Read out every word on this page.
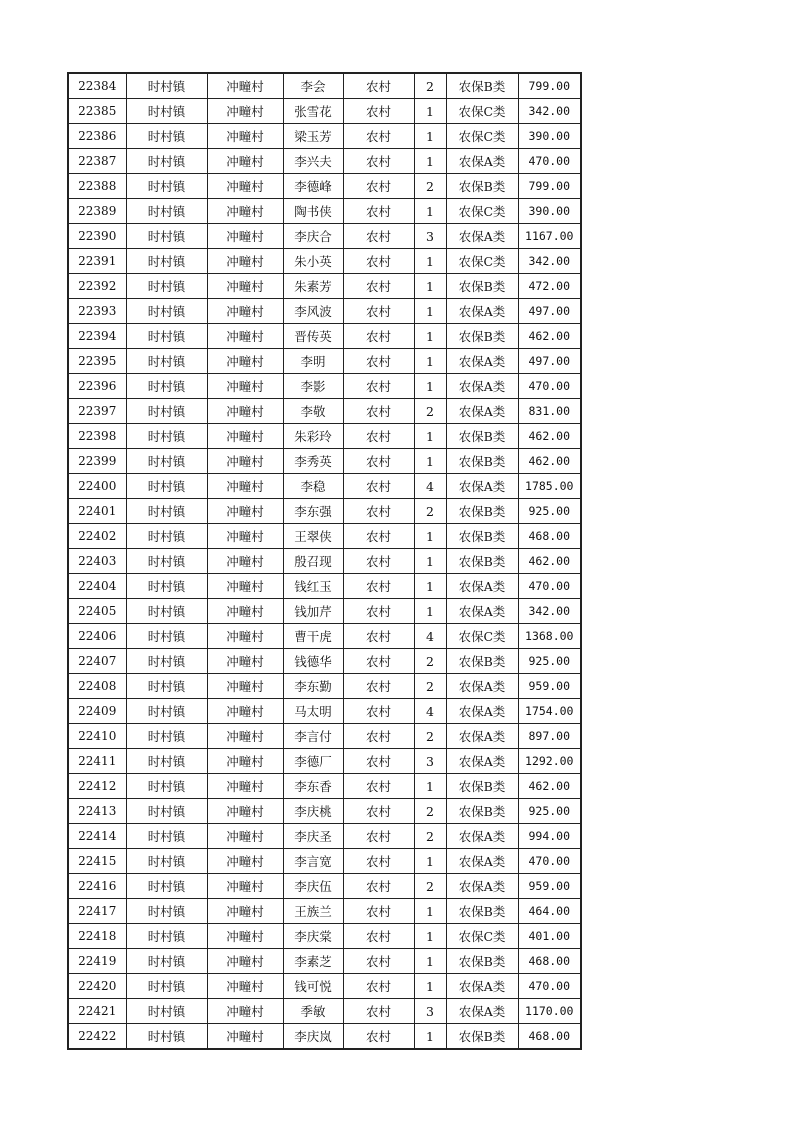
22384	时村镇	冲疃村	李会	农村	2	农保B类	799.00
22385	时村镇	冲疃村	张雪花	农村	1	农保C类	342.00
22386	时村镇	冲疃村	梁玉芳	农村	1	农保C类	390.00
22387	时村镇	冲疃村	李兴夫	农村	1	农保A类	470.00
22388	时村镇	冲疃村	李德峰	农村	2	农保B类	799.00
22389	时村镇	冲疃村	陶书侠	农村	1	农保C类	390.00
22390	时村镇	冲疃村	李庆合	农村	3	农保A类	1167.00
22391	时村镇	冲疃村	朱小英	农村	1	农保C类	342.00
22392	时村镇	冲疃村	朱素芳	农村	1	农保B类	472.00
22393	时村镇	冲疃村	李风波	农村	1	农保A类	497.00
22394	时村镇	冲疃村	晋传英	农村	1	农保B类	462.00
22395	时村镇	冲疃村	李明	农村	1	农保A类	497.00
22396	时村镇	冲疃村	李影	农村	1	农保A类	470.00
22397	时村镇	冲疃村	李敬	农村	2	农保A类	831.00
22398	时村镇	冲疃村	朱彩玲	农村	1	农保B类	462.00
22399	时村镇	冲疃村	李秀英	农村	1	农保B类	462.00
22400	时村镇	冲疃村	李稳	农村	4	农保A类	1785.00
22401	时村镇	冲疃村	李东强	农村	2	农保B类	925.00
22402	时村镇	冲疃村	王翠侠	农村	1	农保B类	468.00
22403	时村镇	冲疃村	殷召现	农村	1	农保B类	462.00
22404	时村镇	冲疃村	钱红玉	农村	1	农保A类	470.00
22405	时村镇	冲疃村	钱加芹	农村	1	农保A类	342.00
22406	时村镇	冲疃村	曹干虎	农村	4	农保C类	1368.00
22407	时村镇	冲疃村	钱德华	农村	2	农保B类	925.00
22408	时村镇	冲疃村	李东勤	农村	2	农保A类	959.00
22409	时村镇	冲疃村	马太明	农村	4	农保A类	1754.00
22410	时村镇	冲疃村	李言付	农村	2	农保A类	897.00
22411	时村镇	冲疃村	李德厂	农村	3	农保A类	1292.00
22412	时村镇	冲疃村	李东香	农村	1	农保B类	462.00
22413	时村镇	冲疃村	李庆桃	农村	2	农保B类	925.00
22414	时村镇	冲疃村	李庆圣	农村	2	农保A类	994.00
22415	时村镇	冲疃村	李言宽	农村	1	农保A类	470.00
22416	时村镇	冲疃村	李庆伍	农村	2	农保A类	959.00
22417	时村镇	冲疃村	王族兰	农村	1	农保B类	464.00
22418	时村镇	冲疃村	李庆棠	农村	1	农保C类	401.00
22419	时村镇	冲疃村	李素芝	农村	1	农保B类	468.00
22420	时村镇	冲疃村	钱可悦	农村	1	农保A类	470.00
22421	时村镇	冲疃村	季敏	农村	3	农保A类	1170.00
22422	时村镇	冲疃村	李庆岚	农村	1	农保B类	468.00
